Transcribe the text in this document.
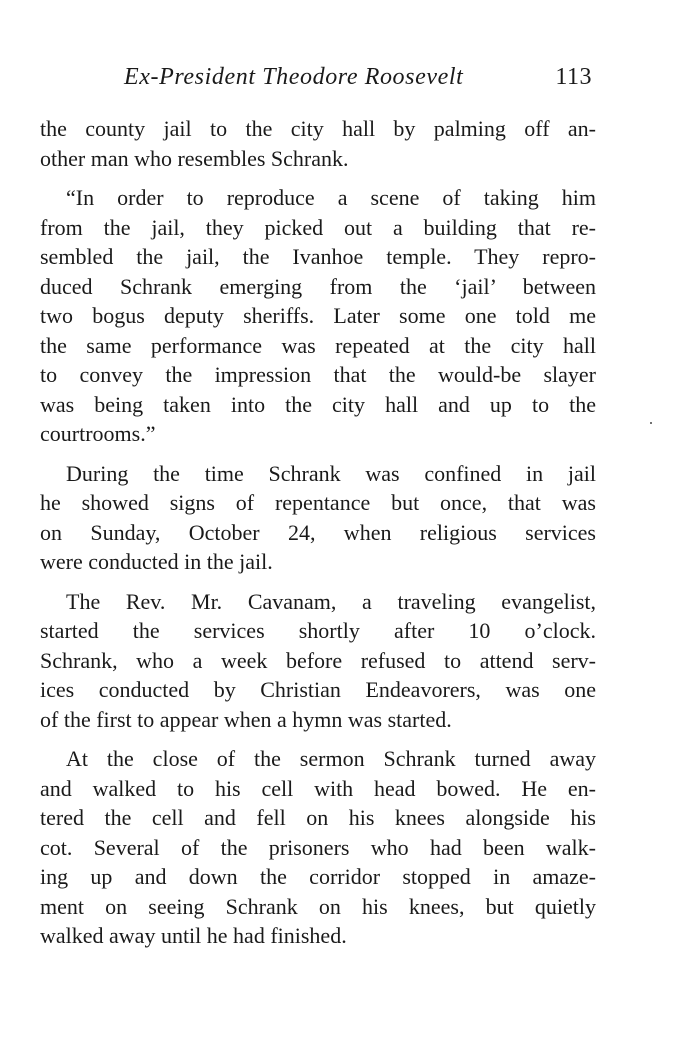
Ex-President Theodore Roosevelt	113

the county jail to the city hall by palming off an-
other man who resembles Schrank.

“In order to reproduce a scene of taking him
from the jail, they picked out a building that re-
sembled the jail, the Ivanhoe temple. They repro-
duced Schrank emerging from the ‘jail’ between
two bogus deputy sheriffs. Later some one told me
the same performance was repeated at the city hall
to convey the impression that the would-be slayer
was being taken into the city hall and up to the
courtrooms.”

During the time Schrank was confined in jail
he showed signs of repentance but once, that was
on Sunday, October 24, when religious services
were conducted in the jail.

The Rev. Mr. Cavanam, a traveling evangelist,
started the services shortly after 10 o’clock.
Schrank, who a week before refused to attend serv-
ices conducted by Christian Endeavorers, was one
of the first to appear when a hymn was started.

At the close of the sermon Schrank turned away
and walked to his cell with head bowed. He en-
tered the cell and fell on his knees alongside his
cot. Several of the prisoners who had been walk-
ing up and down the corridor stopped in amaze-
ment on seeing Schrank on his knees, but quietly
walked away until he had finished.
